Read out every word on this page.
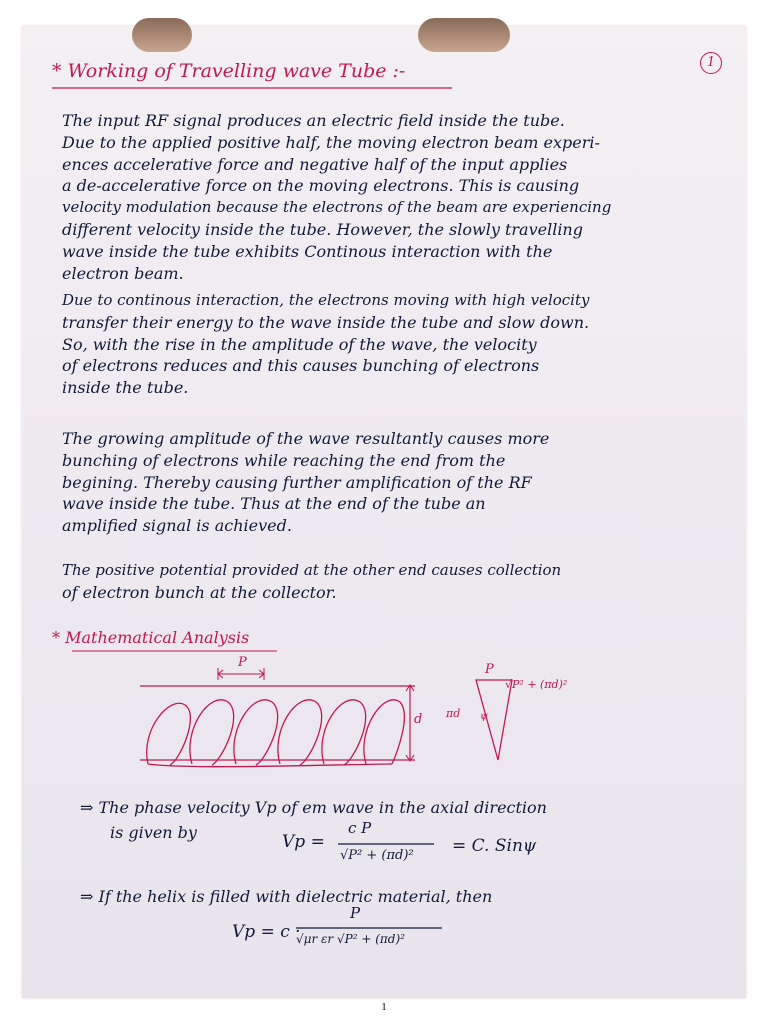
1
* Working of Travelling wave Tube :-
The input RF signal produces an electric field inside the tube.
Due to the applied positive half, the moving electron beam experi-
ences accelerative force and negative half of the input applies
a de-accelerative force on the moving electrons. This is causing
velocity modulation because the electrons of the beam are experiencing
different velocity inside the tube. However, the slowly travelling
wave inside the tube exhibits Continous interaction with the
electron beam.
Due to continous interaction, the electrons moving with high velocity
transfer their energy to the wave inside the tube and slow down.
So, with the rise in the amplitude of the wave, the velocity
of electrons reduces and this causes bunching of electrons
inside the tube.
The growing amplitude of the wave resultantly causes more
bunching of electrons while reaching the end from the
begining. Thereby causing further amplification of the RF
wave inside the tube. Thus at the end of the tube an
amplified signal is achieved.
The positive potential provided at the other end causes collection
of electron bunch at the collector.
* Mathematical Analysis
P
d
P
πd ψ
√P² + (πd)²
⇒ The phase velocity Vp of em wave in the axial direction
is given by	Vp =
c P
√P² + (πd)² = C. Sinψ
⇒ If the helix is filled with dielectric material, then
Vp = c ·
P
√μr εr √P² + (πd)²
1
